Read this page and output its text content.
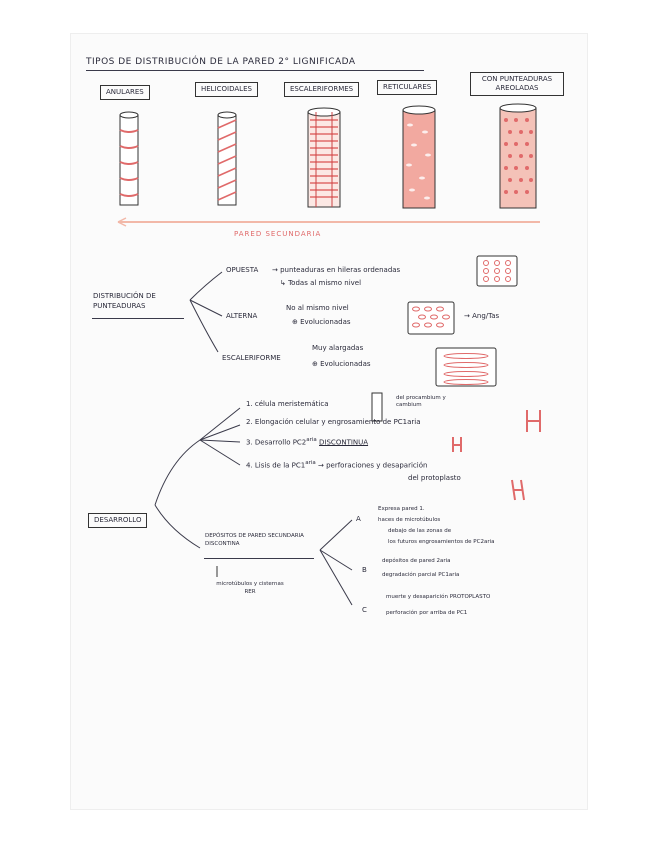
TIPOS DE DISTRIBUCIÓN DE LA PARED 2° LIGNIFICADA
ANULARES	HELICOIDALES	ESCALERIFORMES	RETICULARES
CON PUNTEADURAS AREOLADAS
PARED SECUNDARIA
DISTRIBUCIÓN DE PUNTEADURAS
OPUESTA → punteaduras en hileras ordenadas
↳ Todas al mismo nivel
ALTERNA
No al mismo nivel
⊕ Evolucionadas
→ Ang/Tas
ESCALERIFORME
Muy alargadas
⊕ Evolucionadas
DESARROLLO
1. célula meristemática
del procambium y cambium
2. Elongación celular y engrosamiento de PC1aria
3. Desarrollo $PC2^{aria}$ DISCONTINUA
4. Lisis de la $PC1^{aria}$ → perforaciones y desaparición
del protoplasto
DEPÓSITOS DE PARED SECUNDARIA DISCONTINA
microtúbulos y cisternas RER
A
Expresa pared 1.
haces de microtúbulos
debajo de las zonas de
los futuros engrosamientos de PC2aria
B
depósitos de pared 2aria
degradación parcial PC1aria
C
muerte y desaparición PROTOPLASTO
perforación por arriba de PC1
